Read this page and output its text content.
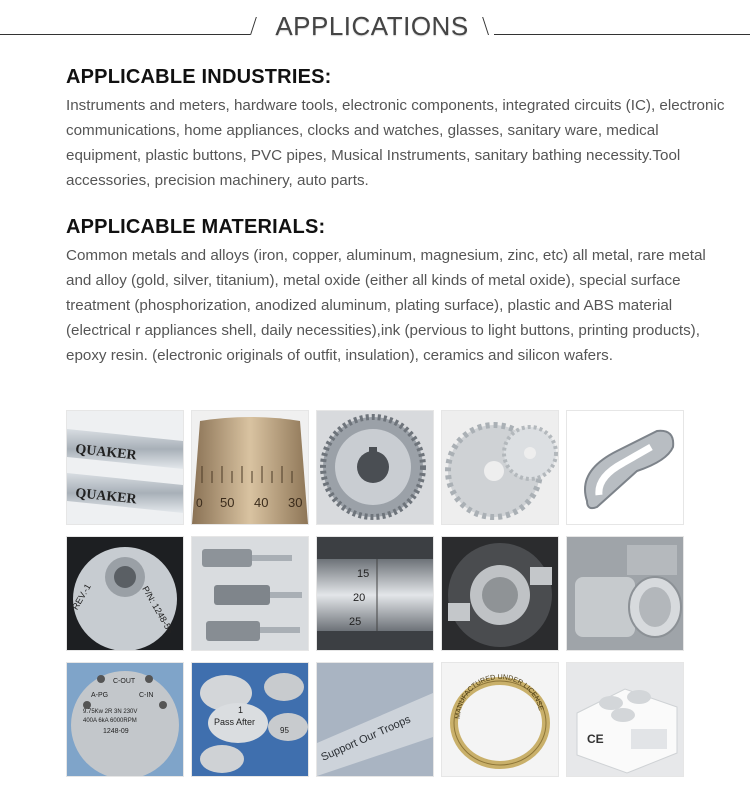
APPLICATIONS
APPLICABLE INDUSTRIES:

Instruments and meters, hardware tools, electronic components, integrated circuits (IC), electronic communications, home appliances, clocks and watches, glasses, sanitary ware, medical equipment, plastic buttons, PVC pipes, Musical Instruments, sanitary bathing necessity.Tool accessories, precision machinery, auto parts.

APPLICABLE MATERIALS:

Common metals and alloys (iron, copper, aluminum, magnesium, zinc, etc) all metal, rare metal and alloy (gold, silver, titanium), metal oxide (either all kinds of metal oxide), special surface treatment (phosphorization, anodized aluminum, plating surface), plastic and ABS material (electrical r appliances shell, daily necessities),ink (pervious to light buttons, printing products), epoxy resin. (electronic originals of outfit, insulation), ceramics and silicon wafers.

QUAKER
QUAKER	0 50 40 30
REV.-1	P/N: 1248-55
15
20
25
C-OUT
A-PG	C-IN
9.75Kw 2R 3N 230V
400A 6kA 6000RPM
1248-09
Pass After
1
95	Support Our Troops	MANUFACTURED UNDER LICENSE
CE
